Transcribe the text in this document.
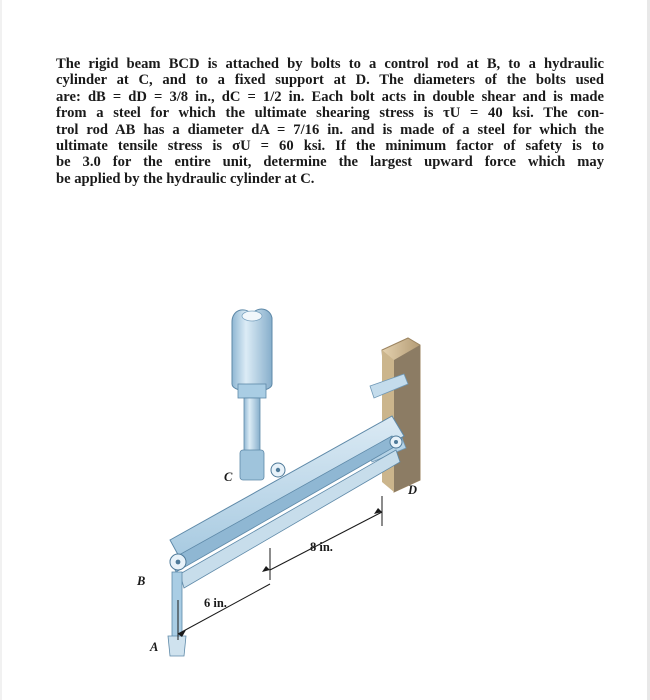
The rigid beam BCD is attached by bolts to a control rod at B, to a hydraulic
cylinder at C, and to a fixed support at D. The diameters of the bolts used
are: dB = dD = 3/8 in., dC = 1/2 in. Each bolt acts in double shear and is made
from a steel for which the ultimate shearing stress is τU = 40 ksi. The con-
trol rod AB has a diameter dA = 7/16 in. and is made of a steel for which the
ultimate tensile stress is σU = 60 ksi. If the minimum factor of safety is to
be 3.0 for the entire unit, determine the largest upward force which may
be applied by the hydraulic cylinder at C.
C
D
B
A
8 in.
6 in.
